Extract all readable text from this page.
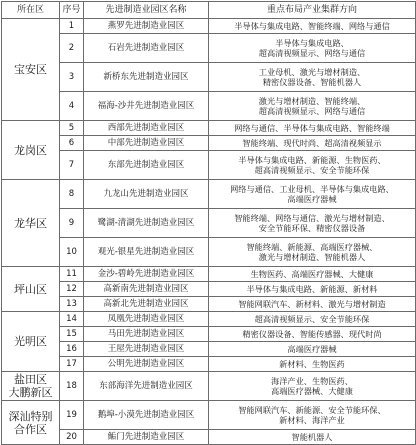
所在区	序号	先进制造业园区名称	重点布局产业集群方向
宝安区	1	燕罗先进制造业园区	半导体与集成电路、智能终端、网络与通信

	2	石岩先进制造业园区	半导体与集成电路、
超高清视频显示、网络与通信

	3	新桥东先进制造业园区	工业母机、激光与增材制造、
精密仪器设备、智能机器人

	4	福海-沙井先进制造业园区	激光与增材制造、智能终端、
超高清视频显示、网络与通信

龙岗区	5	西部先进制造业园区	网络与通信、半导体与集成电路、智能终端

	6	中部先进制造业园区	智能终端、现代时尚、超高清视频显示

	7	东部先进制造业园区	半导体与集成电路、新能源、生物医药、
超高清视频显示、安全节能环保

龙华区	8	九龙山先进制造业园区	网络与通信、工业母机、半导体与集成电路、
高端医疗器械

	9	鹭湖-清湖先进制造业园区	智能终端、网络与通信、激光与增材制造、
安全节能环保、精密仪器设备

	10	观光-银星先进制造业园区	智能终端、新能源、高端医疗器械、
激光与增材制造、智能机器人

坪山区	11	金沙-碧岭先进制造业园区	生物医药、高端医疗器械、大健康

	12	高新南先进制造业园区	半导体与集成电路、新能源、新材料

	13	高新北先进制造业园区	智能网联汽车、新材料、激光与增材制造

光明区	14	凤凰先进制造业园区	超高清视频显示、安全节能环保

	15	马田先进制造业园区	精密仪器设备、智能传感器、现代时尚

	16	王屋先进制造业园区	高端医疗器械

	17	公明先进制造业园区	新材料、生物医药

盐田区
大鹏新区	18	东部海洋先进制造业园区	海洋产业、生物医药、
高端医疗器械、大健康

深汕特别
合作区	19	鹅埠-小漠先进制造业园区	智能网联汽车、新能源、安全节能环保、
新材料、海洋产业

	20	鲘门先进制造业园区	智能机器人
